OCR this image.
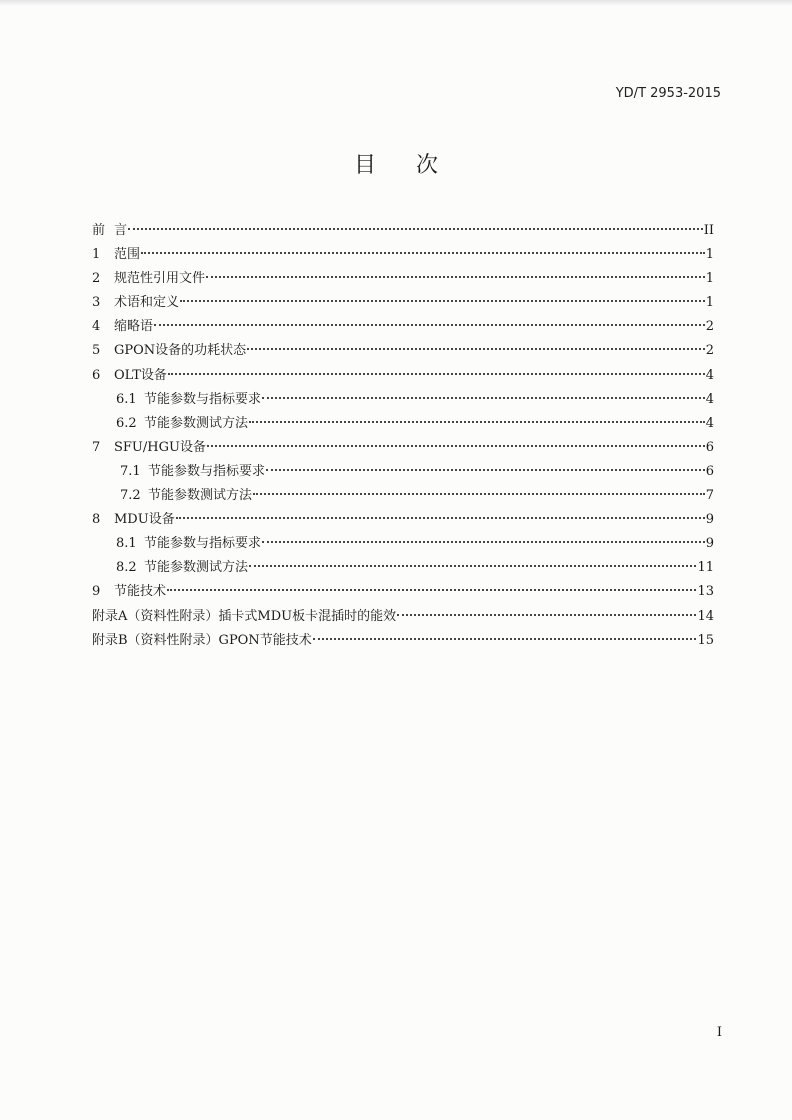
YD/T 2953-2015
目次
前 言	II
1	范围	1
2	规范性引用文件	1
3	术语和定义	1
4	缩略语	2
5	GPON设备的功耗状态	2
6	OLT设备	4
6.1 节能参数与指标要求	4
6.2 节能参数测试方法	4
7	SFU/HGU设备	6
7.1 节能参数与指标要求	6
7.2 节能参数测试方法	7
8	MDU设备	9
8.1 节能参数与指标要求	9
8.2 节能参数测试方法	11
9	节能技术	13
附录A（资料性附录）插卡式MDU板卡混插时的能效	14
附录B（资料性附录）GPON节能技术	15
I
